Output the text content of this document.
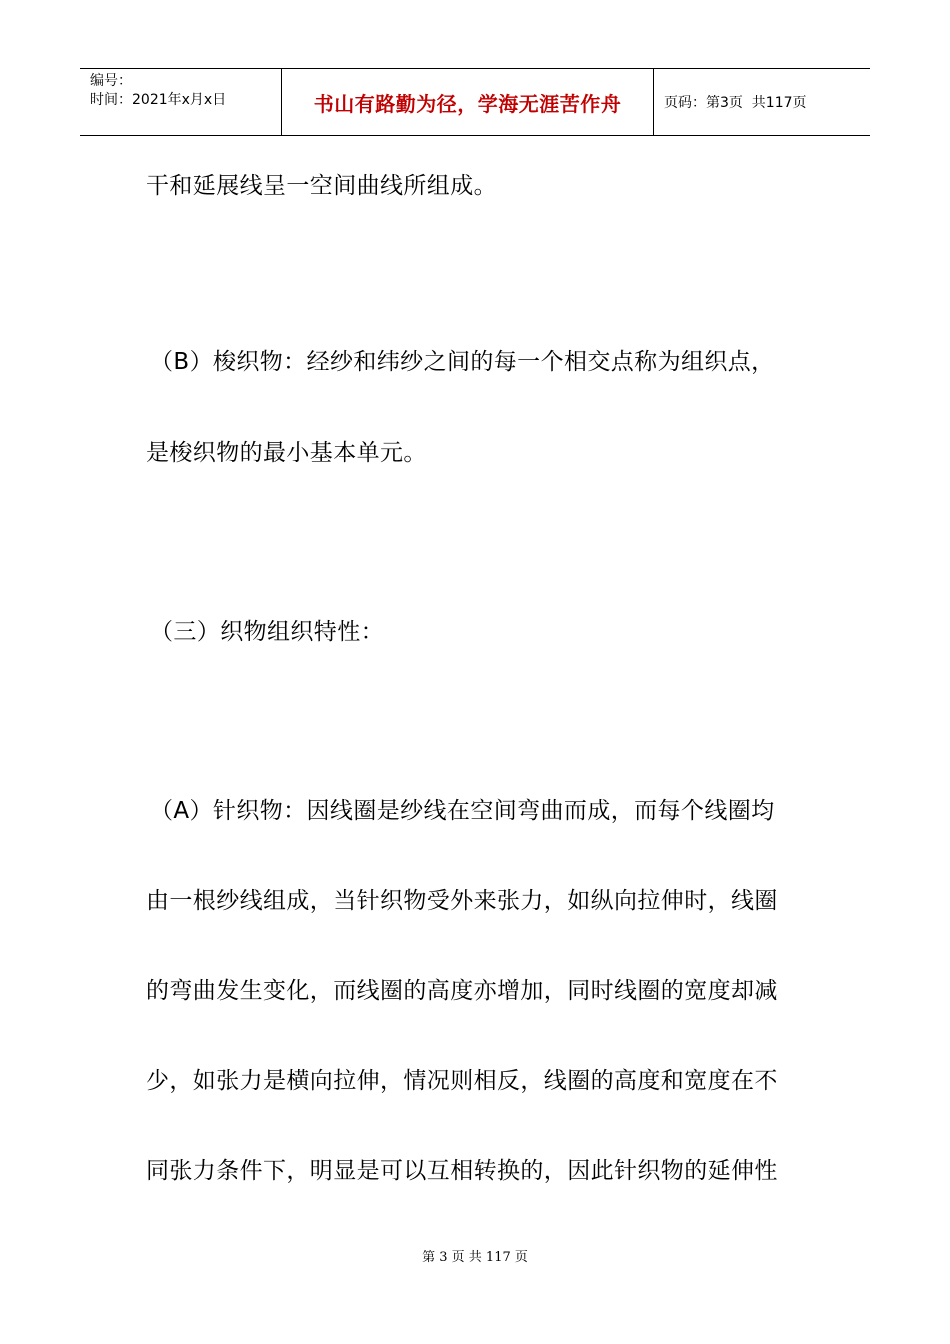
编号：
时间：2021年x月x日	书山有路勤为径，学海无涯苦作舟	页码：第3页  共117页

干和延展线呈一空间曲线所组成。

（B）梭织物：经纱和纬纱之间的每一个相交点称为组织点，

是梭织物的最小基本单元。

（三）织物组织特性：

（A）针织物：因线圈是纱线在空间弯曲而成，而每个线圈均

由一根纱线组成，当针织物受外来张力，如纵向拉伸时，线圈

的弯曲发生变化，而线圈的高度亦增加，同时线圈的宽度却减

少，如张力是横向拉伸，情况则相反，线圈的高度和宽度在不

同张力条件下，明显是可以互相转换的，因此针织物的延伸性

第 3 页 共 117 页
